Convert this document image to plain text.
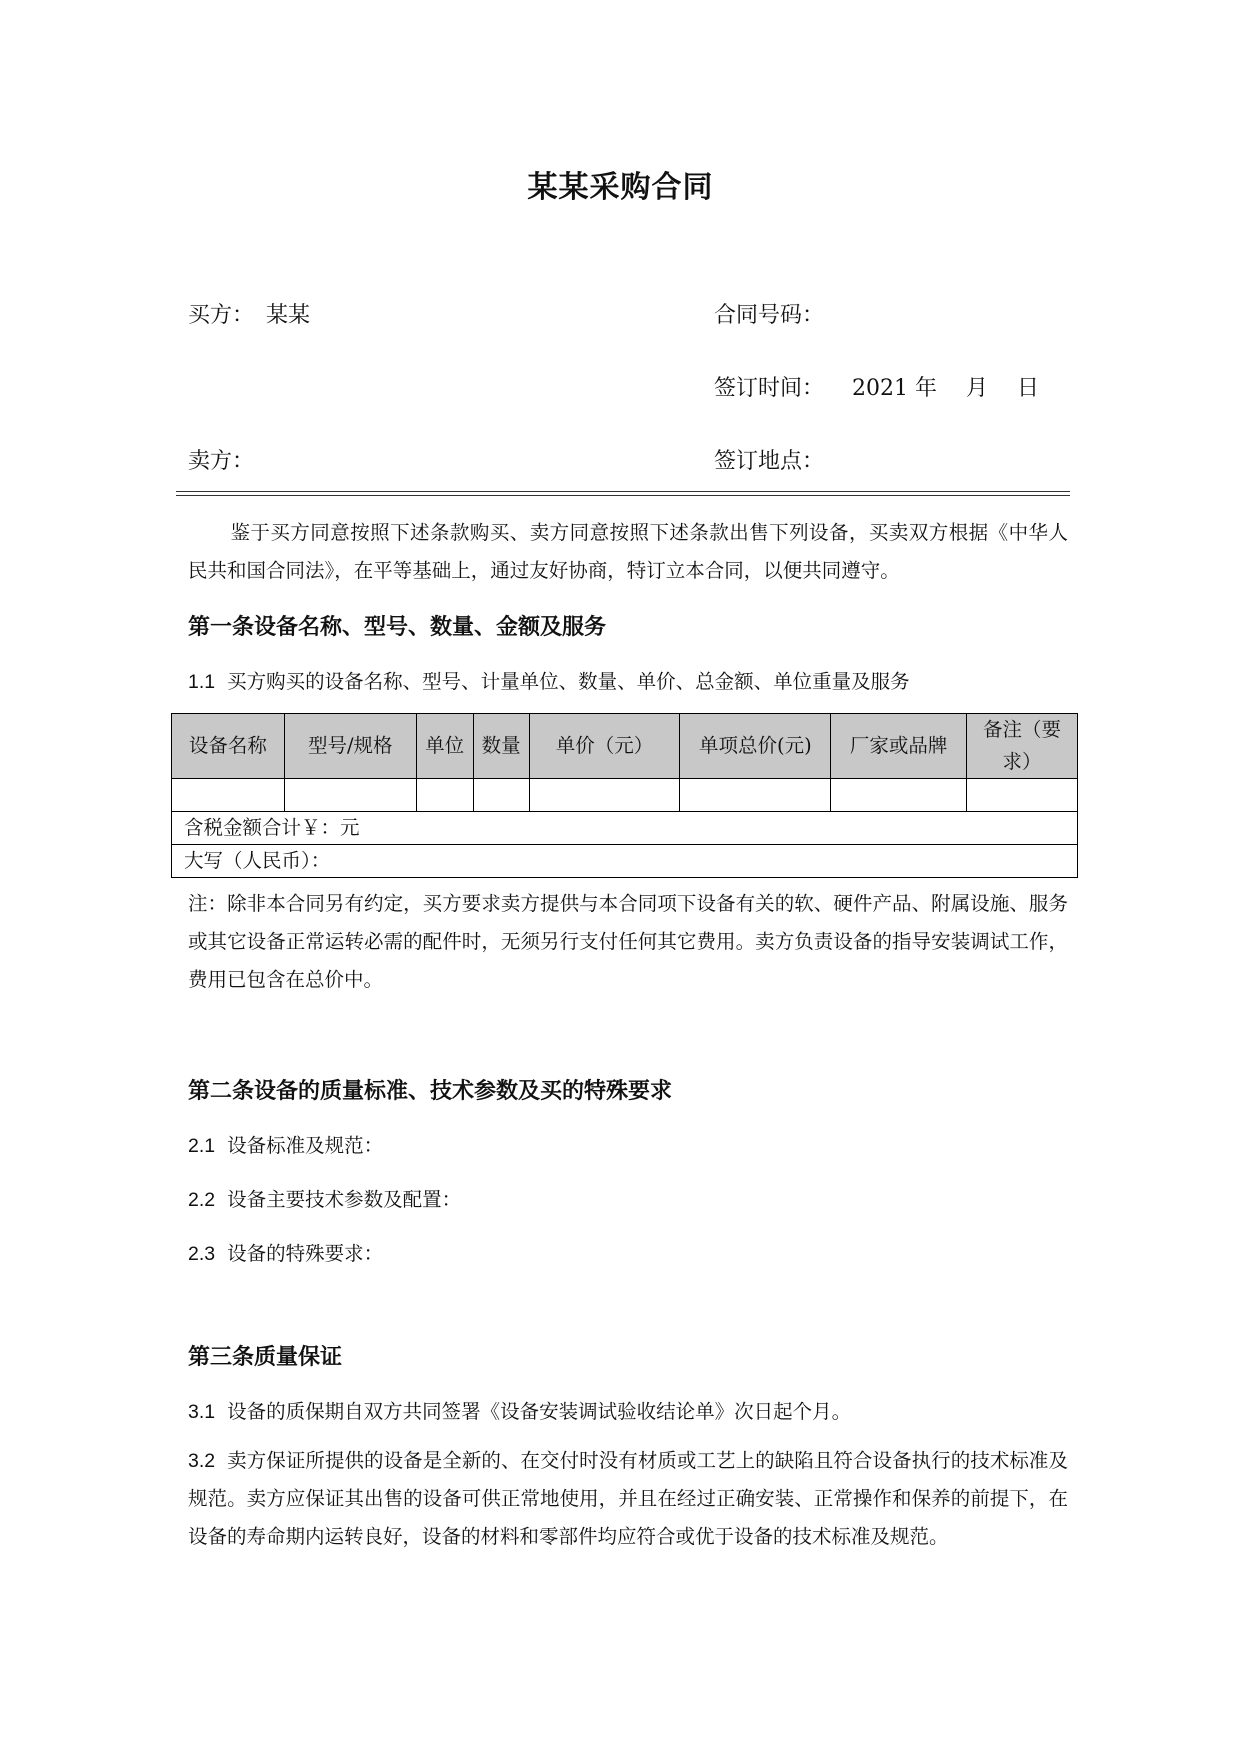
某某采购合同
买方： 某某	合同号码：
签订时间： 2021 年　 月　 日
卖方：	签订地点：
鉴于买方同意按照下述条款购买、卖方同意按照下述条款出售下列设备，买卖双方根据《中华人民共和国合同法》，在平等基础上，通过友好协商，特订立本合同，以便共同遵守。
第一条设备名称、型号、数量、金额及服务
1.1 买方购买的设备名称、型号、计量单位、数量、单价、总金额、单位重量及服务
设备名称	型号/规格	单位	数量	单价（元）	单项总价(元)	厂家或品牌	备注（要求）

含税金额合计￥：元							
大写（人民币）：							
注：除非本合同另有约定，买方要求卖方提供与本合同项下设备有关的软、硬件产品、附属设施、服务或其它设备正常运转必需的配件时，无须另行支付任何其它费用。卖方负责设备的指导安装调试工作，费用已包含在总价中。
第二条设备的质量标准、技术参数及买的特殊要求
2.1 设备标准及规范：
2.2 设备主要技术参数及配置：
2.3 设备的特殊要求：
第三条质量保证
3.1 设备的质保期自双方共同签署《设备安装调试验收结论单》次日起个月。
3.2 卖方保证所提供的设备是全新的、在交付时没有材质或工艺上的缺陷且符合设备执行的技术标准及规范。卖方应保证其出售的设备可供正常地使用，并且在经过正确安装、正常操作和保养的前提下，在设备的寿命期内运转良好，设备的材料和零部件均应符合或优于设备的技术标准及规范。
